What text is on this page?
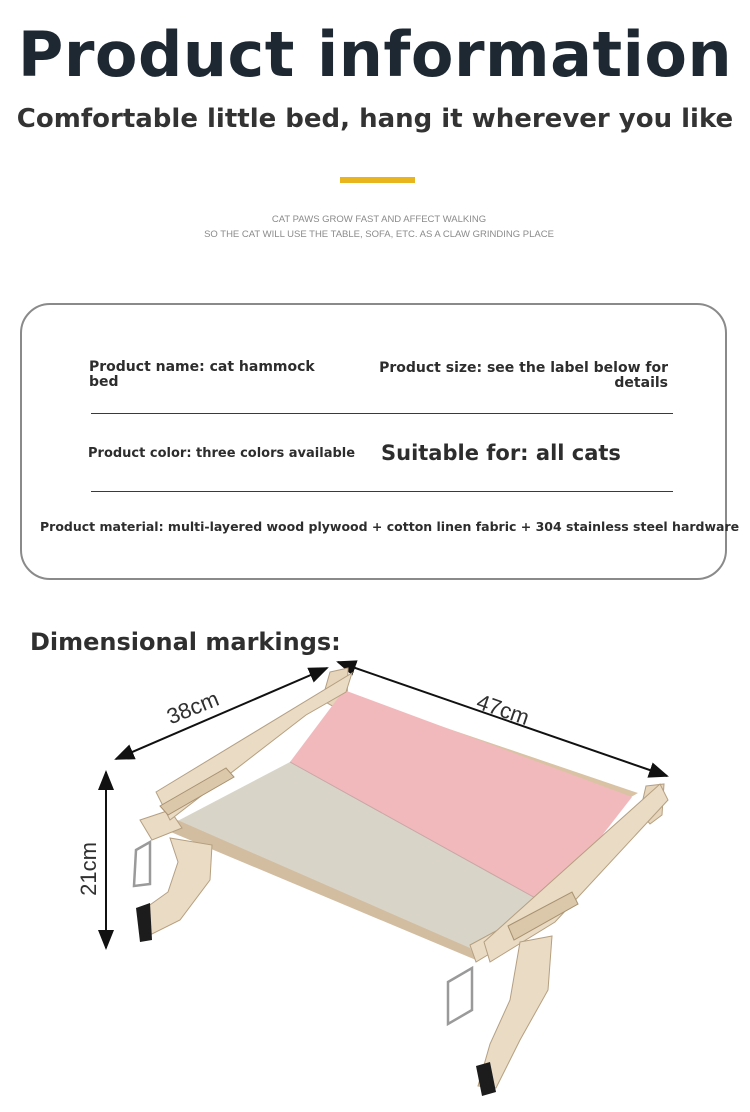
Product information
Comfortable little bed, hang it wherever you like
CAT PAWS GROW FAST AND AFFECT WALKING
SO THE CAT WILL USE THE TABLE, SOFA, ETC. AS A CLAW GRINDING PLACE
Product name: cat hammock bed
Product size: see the label below for details
Product color: three colors available Suitable for: all cats
Product material: multi-layered wood plywood + cotton linen fabric + 304 stainless steel hardware
Dimensional markings:
38cm	47cm
21cm
